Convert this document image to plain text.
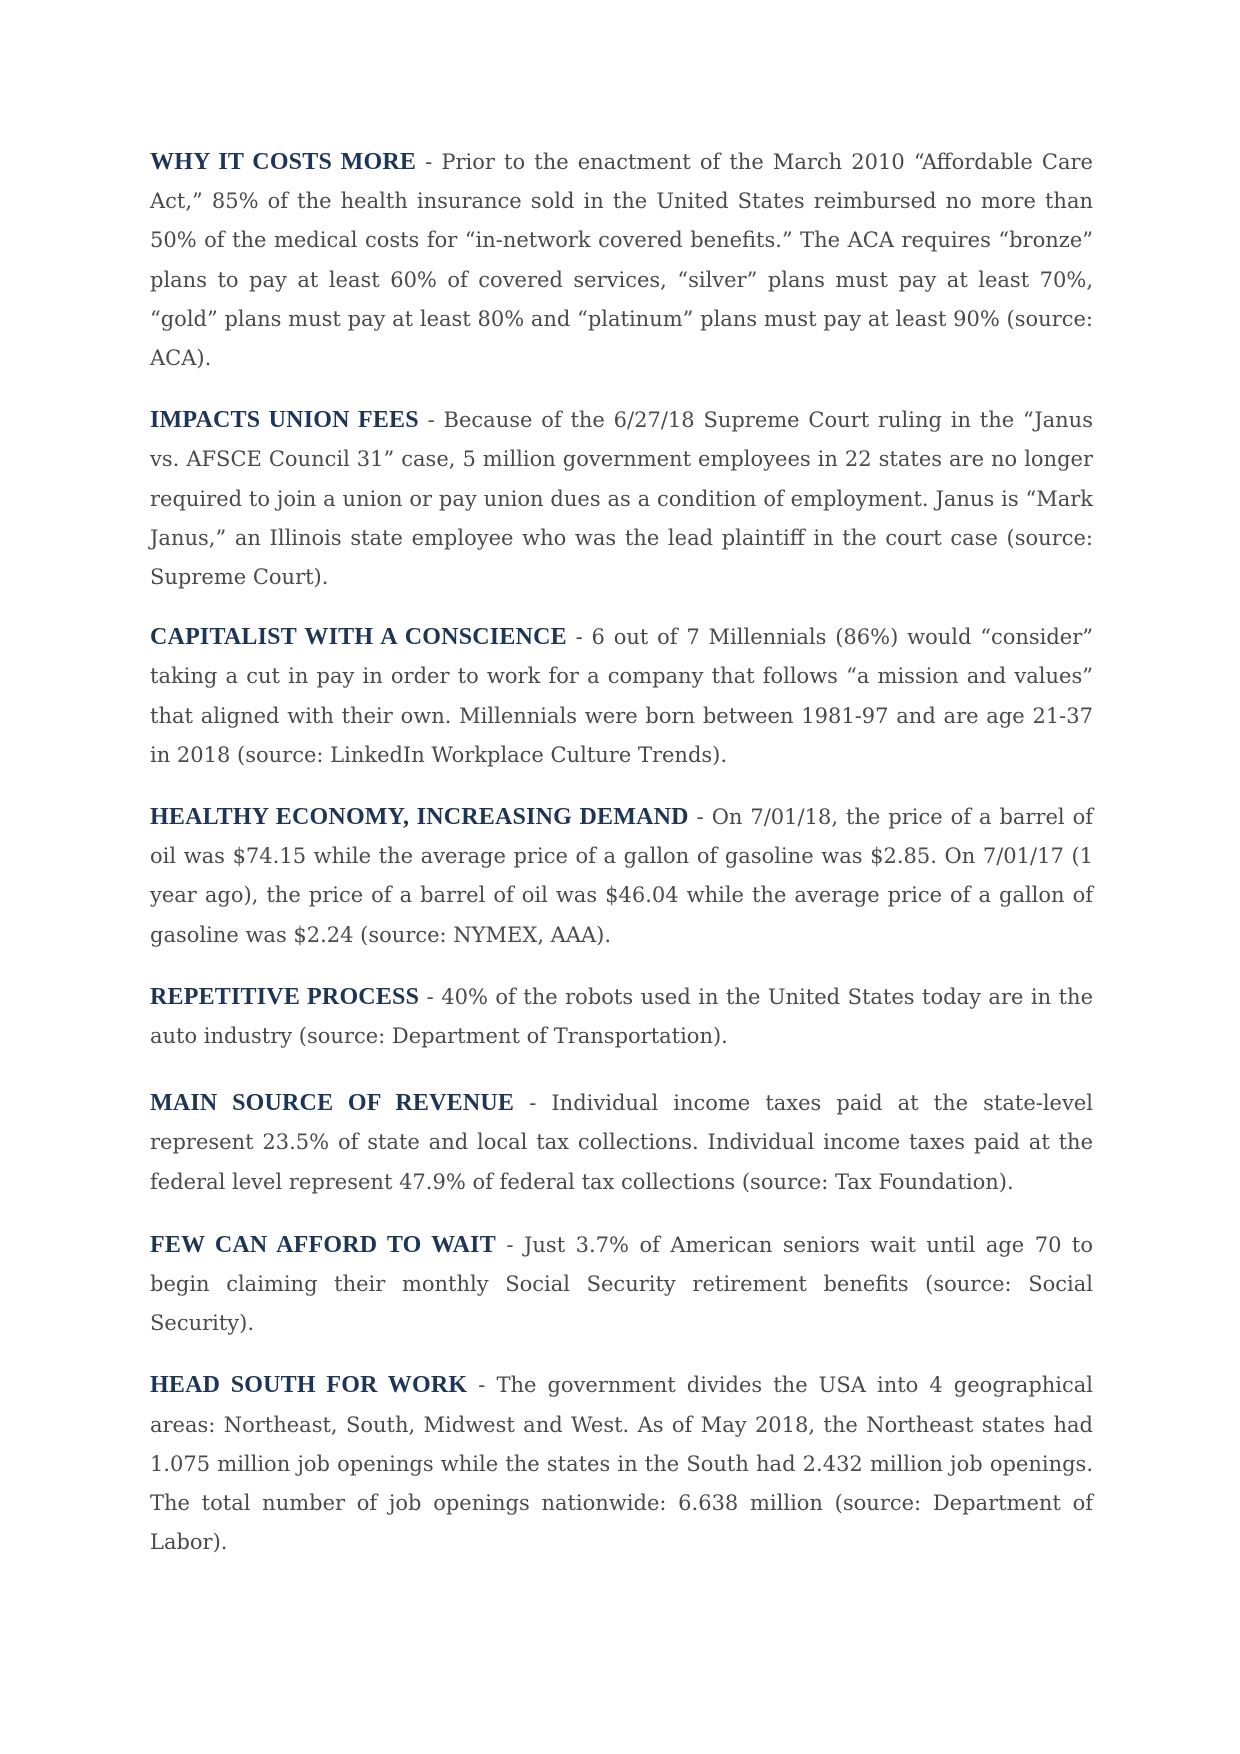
WHY IT COSTS MORE - Prior to the enactment of the March 2010 “Affordable Care Act,” 85% of the health insurance sold in the United States reimbursed no more than 50% of the medical costs for “in-network covered benefits.” The ACA requires “bronze” plans to pay at least 60% of covered services, “silver” plans must pay at least 70%, “gold” plans must pay at least 80% and “platinum” plans must pay at least 90% (source: ACA).

IMPACTS UNION FEES - Because of the 6/27/18 Supreme Court ruling in the “Janus vs. AFSCE Council 31” case, 5 million government employees in 22 states are no longer required to join a union or pay union dues as a condition of employment. Janus is “Mark Janus,” an Illinois state employee who was the lead plaintiff in the court case (source: Supreme Court).

CAPITALIST WITH A CONSCIENCE - 6 out of 7 Millennials (86%) would “consider” taking a cut in pay in order to work for a company that follows “a mission and values” that aligned with their own. Millennials were born between 1981-97 and are age 21-37 in 2018 (source: LinkedIn Workplace Culture Trends).

HEALTHY ECONOMY, INCREASING DEMAND - On 7/01/18, the price of a barrel of oil was $74.15 while the average price of a gallon of gasoline was $2.85. On 7/01/17 (1 year ago), the price of a barrel of oil was $46.04 while the average price of a gallon of gasoline was $2.24 (source: NYMEX, AAA).

REPETITIVE PROCESS - 40% of the robots used in the United States today are in the auto industry (source: Department of Transportation).

MAIN SOURCE OF REVENUE - Individual income taxes paid at the state-level represent 23.5% of state and local tax collections. Individual income taxes paid at the federal level represent 47.9% of federal tax collections (source: Tax Foundation).

FEW CAN AFFORD TO WAIT - Just 3.7% of American seniors wait until age 70 to begin claiming their monthly Social Security retirement benefits (source: Social Security).

HEAD SOUTH FOR WORK - The government divides the USA into 4 geographical areas: Northeast, South, Midwest and West. As of May 2018, the Northeast states had 1.075 million job openings while the states in the South had 2.432 million job openings. The total number of job openings nationwide: 6.638 million (source: Department of Labor).
